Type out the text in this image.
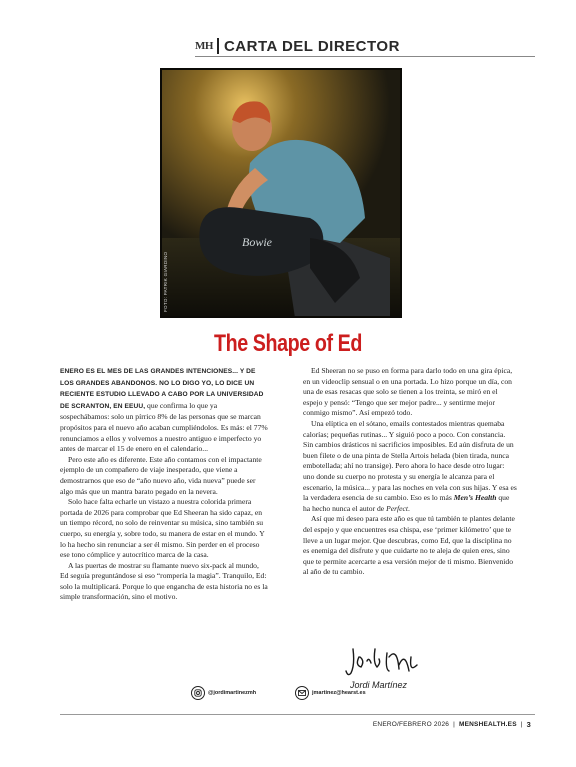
MH CARTA DEL DIRECTOR
Bowie
FOTO: PATRIK GIARDINO
The Shape of Ed

ENERO ES EL MES DE LAS GRANDES INTENCIONES... Y DE LOS GRANDES ABANDONOS. NO LO DIGO YO, LO DICE UN RECIENTE ESTUDIO LLEVADO A CABO POR LA UNIVERSIDAD DE SCRANTON, EN EEUU, que confirma lo que ya sospechábamos: solo un pírrico 8% de las personas que se marcan propósitos para el nuevo año acaban cumpliéndolos. Es más: el 77% renunciamos a ellos y volvemos a nuestro antiguo e imperfecto yo antes de marcar el 15 de enero en el calendario...

Pero este año es diferente. Este año contamos con el impactante ejemplo de un compañero de viaje inesperado, que viene a demostrarnos que eso de “año nuevo año, vida nueva” puede ser algo más que un mantra barato pegado en la nevera.

Solo hace falta echarle un vistazo a nuestra colorida primera portada de 2026 para comprobar que Ed Sheeran ha sido capaz, en un tiempo récord, no solo de reinventar su música, sino también su cuerpo, su energía y, sobre todo, su manera de estar en el mundo. Y lo ha hecho sin renunciar a ser él mismo. Sin perder en el proceso ese tono cómplice y autocrítico marca de la casa.

A las puertas de mostrar su flamante nuevo six-pack al mundo, Ed seguía preguntándose si eso “rompería la magia”. Tranquilo, Ed: solo la multiplicará. Porque lo que engancha de esta historia no es la simple transformación, sino el motivo.

Ed Sheeran no se puso en forma para darlo todo en una gira épica, en un videoclip sensual o en una portada. Lo hizo porque un día, con una de esas resacas que solo se tienen a los treinta, se miró en el espejo y pensó: “Tengo que ser mejor padre... y sentirme mejor conmigo mismo”. Así empezó todo.

Una elíptica en el sótano, emails contestados mientras quemaba calorías; pequeñas rutinas... Y siguió poco a poco. Con constancia. Sin cambios drásticos ni sacrificios imposibles. Ed aún disfruta de un buen filete o de una pinta de Stella Artois helada (bien tirada, nunca embotellada; ahí no transige). Pero ahora lo hace desde otro lugar: uno donde su cuerpo no protesta y su energía le alcanza para el escenario, la música... y para las noches en vela con sus hijas. Y esa es la verdadera esencia de su cambio. Eso es lo más Men’s Health que ha hecho nunca el autor de Perfect.

Así que mi deseo para este año es que tú también te plantes delante del espejo y que encuentres esa chispa, ese ‘primer kilómetro’ que te lleve a un lugar mejor. Que descubras, como Ed, que la disciplina no es enemiga del disfrute y que cuidarte no te aleja de quien eres, sino que te permite acercarte a esa versión mejor de ti mismo. Bienvenido al año de tu cambio.

Jordi Martínez
@jordimartinezmh	jmartinez@hearst.es
ENERO/FEBRERO 2026 | MENSHEALTH.ES | 3
